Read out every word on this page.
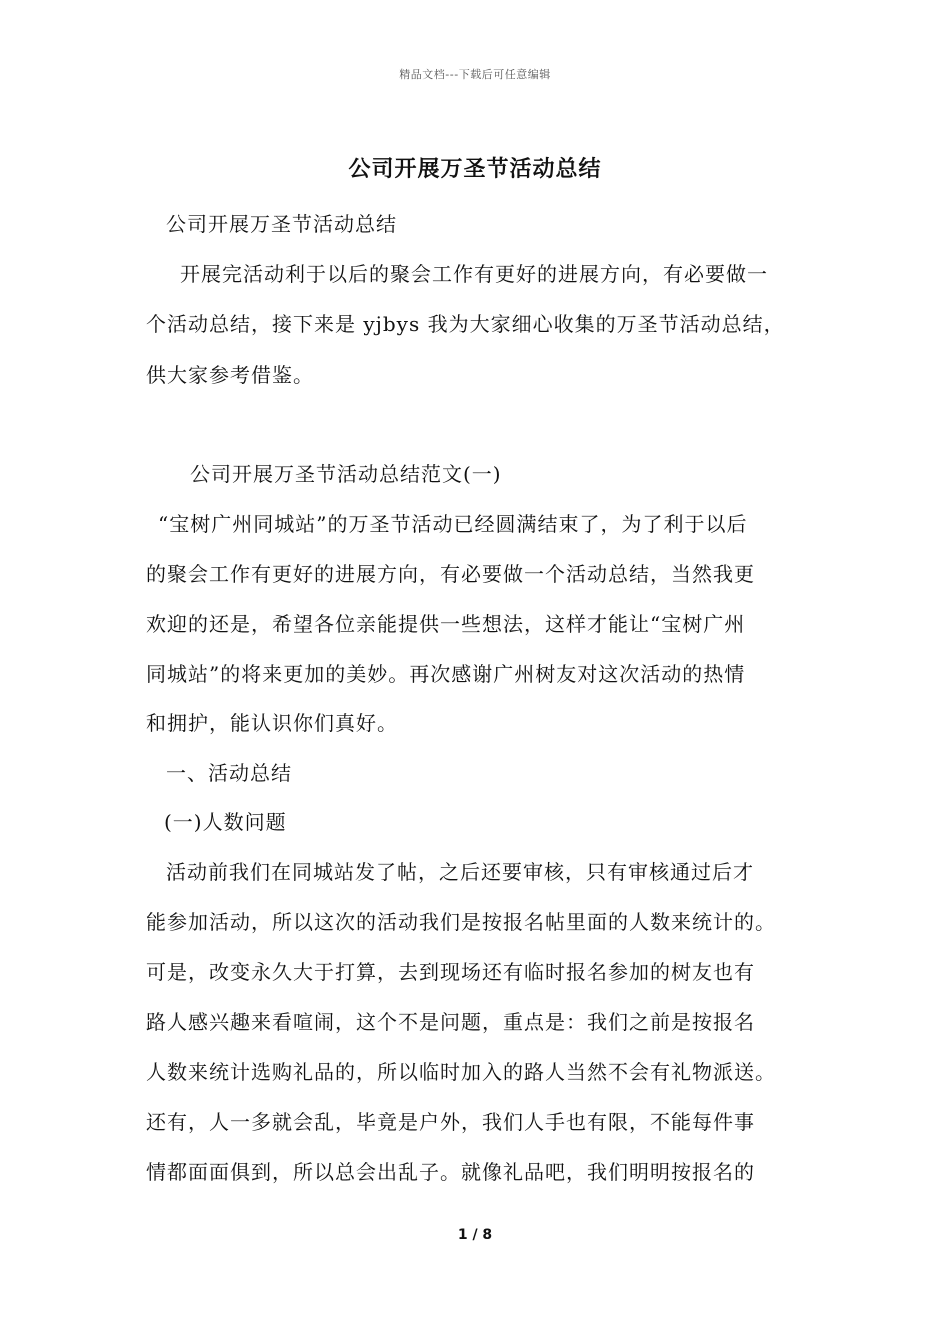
精品文档---下载后可任意编辑
公司开展万圣节活动总结
公司开展万圣节活动总结
开展完活动利于以后的聚会工作有更好的进展方向，有必要做一
个活动总结，接下来是 yjbys 我为大家细心收集的万圣节活动总结，
供大家参考借鉴。
公司开展万圣节活动总结范文(一)
“宝树广州同城站”的万圣节活动已经圆满结束了，为了利于以后
的聚会工作有更好的进展方向，有必要做一个活动总结，当然我更
欢迎的还是，希望各位亲能提供一些想法，这样才能让“宝树广州
同城站”的将来更加的美妙。再次感谢广州树友对这次活动的热情
和拥护，能认识你们真好。
一、活动总结
(一)人数问题
活动前我们在同城站发了帖，之后还要审核，只有审核通过后才
能参加活动，所以这次的活动我们是按报名帖里面的人数来统计的。
可是，改变永久大于打算，去到现场还有临时报名参加的树友也有
路人感兴趣来看喧闹，这个不是问题，重点是：我们之前是按报名
人数来统计选购礼品的，所以临时加入的路人当然不会有礼物派送。
还有，人一多就会乱，毕竟是户外，我们人手也有限，不能每件事
情都面面俱到，所以总会出乱子。就像礼品吧，我们明明按报名的
1 / 8
